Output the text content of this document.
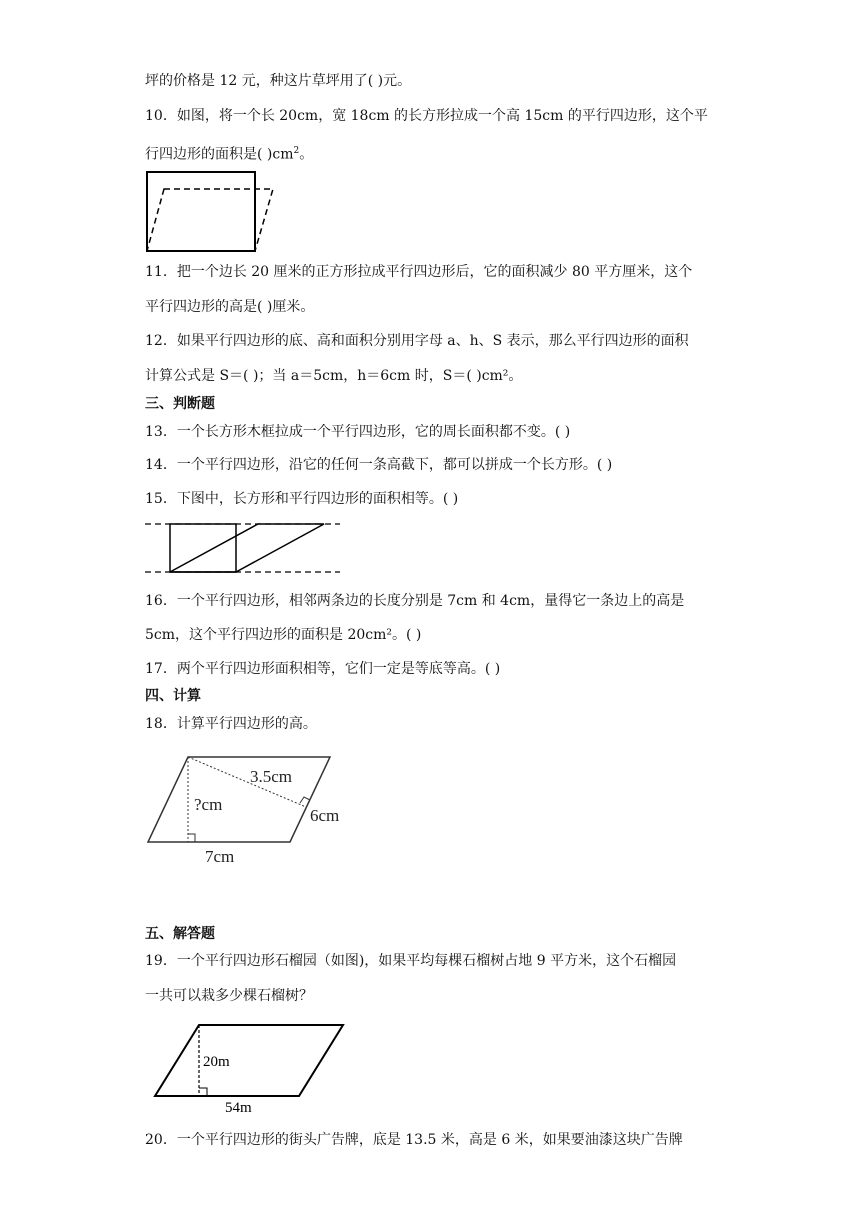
坪的价格是 12 元，种这片草坪用了( )元。
10．如图，将一个长 20cm，宽 18cm 的长方形拉成一个高 15cm 的平行四边形，这个平
行四边形的面积是( )$cm^2$。
11．把一个边长 20 厘米的正方形拉成平行四边形后，它的面积减少 80 平方厘米，这个
平行四边形的高是( )厘米。
12．如果平行四边形的底、高和面积分别用字母 a、h、S 表示，那么平行四边形的面积
计算公式是 S＝( )；当 a＝5cm，h＝6cm 时，S＝( )cm²。
三、判断题
13．一个长方形木框拉成一个平行四边形，它的周长面积都不变。( )
14．一个平行四边形，沿它的任何一条高截下，都可以拼成一个长方形。( )
15．下图中，长方形和平行四边形的面积相等。( )
16．一个平行四边形，相邻两条边的长度分别是 7cm 和 4cm，量得它一条边上的高是
5cm，这个平行四边形的面积是 20cm²。( )
17．两个平行四边形面积相等，它们一定是等底等高。( )
四、计算
18．计算平行四边形的高。
3.5cm
?cm
6cm
7cm
五、解答题
19．一个平行四边形石榴园（如图)，如果平均每棵石榴树占地 9 平方米，这个石榴园
一共可以栽多少棵石榴树？
20m
54m
20．一个平行四边形的街头广告牌，底是 13.5 米，高是 6 米，如果要油漆这块广告牌
